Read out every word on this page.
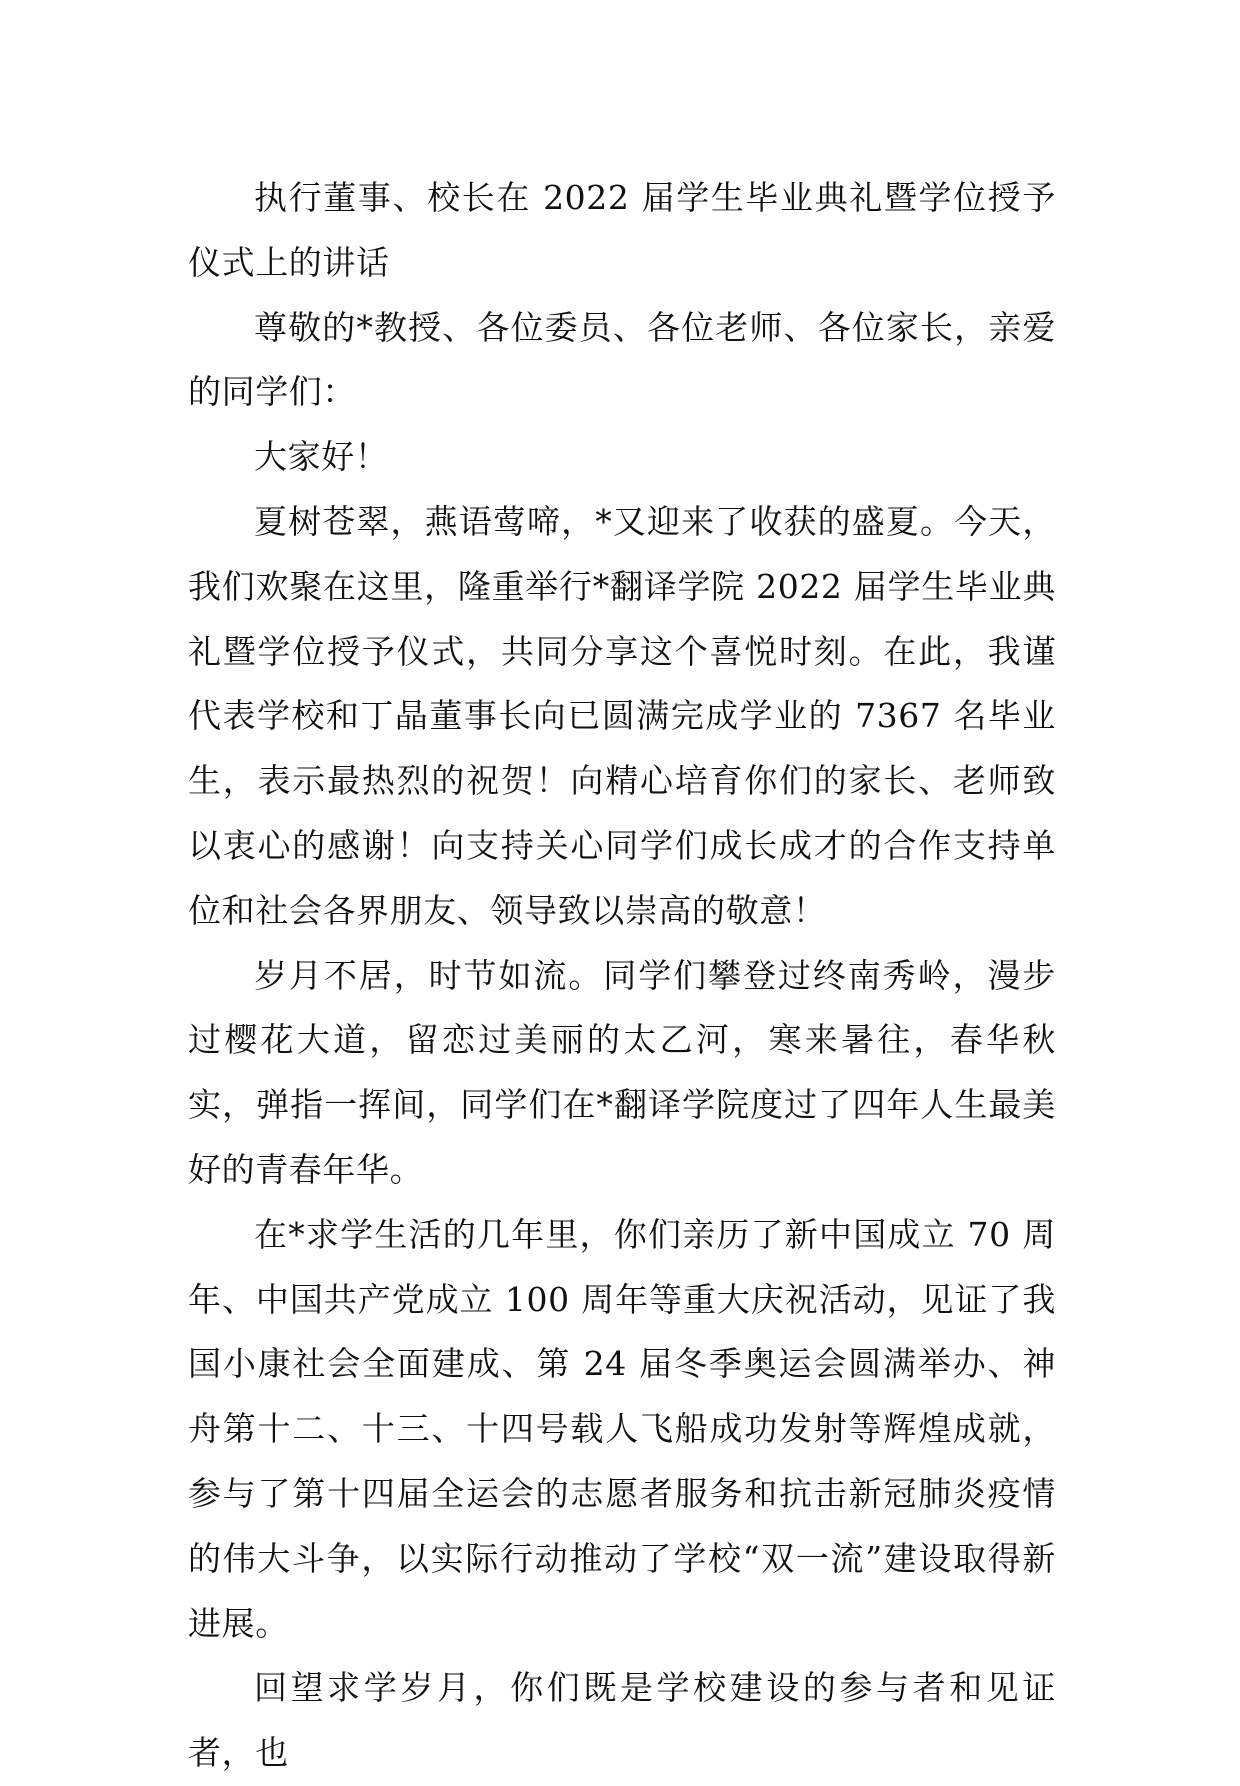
执行董事、校长在 2022 届学生毕业典礼暨学位授予仪式上的讲话

尊敬的*教授、各位委员、各位老师、各位家长，亲爱的同学们：

大家好！

夏树苍翠，燕语莺啼，*又迎来了收获的盛夏。今天，我们欢聚在这里，隆重举行*翻译学院 2022 届学生毕业典礼暨学位授予仪式，共同分享这个喜悦时刻。在此，我谨代表学校和丁晶董事长向已圆满完成学业的 7367 名毕业生，表示最热烈的祝贺！向精心培育你们的家长、老师致以衷心的感谢！向支持关心同学们成长成才的合作支持单位和社会各界朋友、领导致以崇高的敬意！

岁月不居，时节如流。同学们攀登过终南秀岭，漫步过樱花大道，留恋过美丽的太乙河，寒来暑往，春华秋实，弹指一挥间，同学们在*翻译学院度过了四年人生最美好的青春年华。

在*求学生活的几年里，你们亲历了新中国成立 70 周年、中国共产党成立 100 周年等重大庆祝活动，见证了我国小康社会全面建成、第 24 届冬季奥运会圆满举办、神舟第十二、十三、十四号载人飞船成功发射等辉煌成就，参与了第十四届全运会的志愿者服务和抗击新冠肺炎疫情的伟大斗争，以实际行动推动了学校“双一流”建设取得新进展。

回望求学岁月，你们既是学校建设的参与者和见证者，也
